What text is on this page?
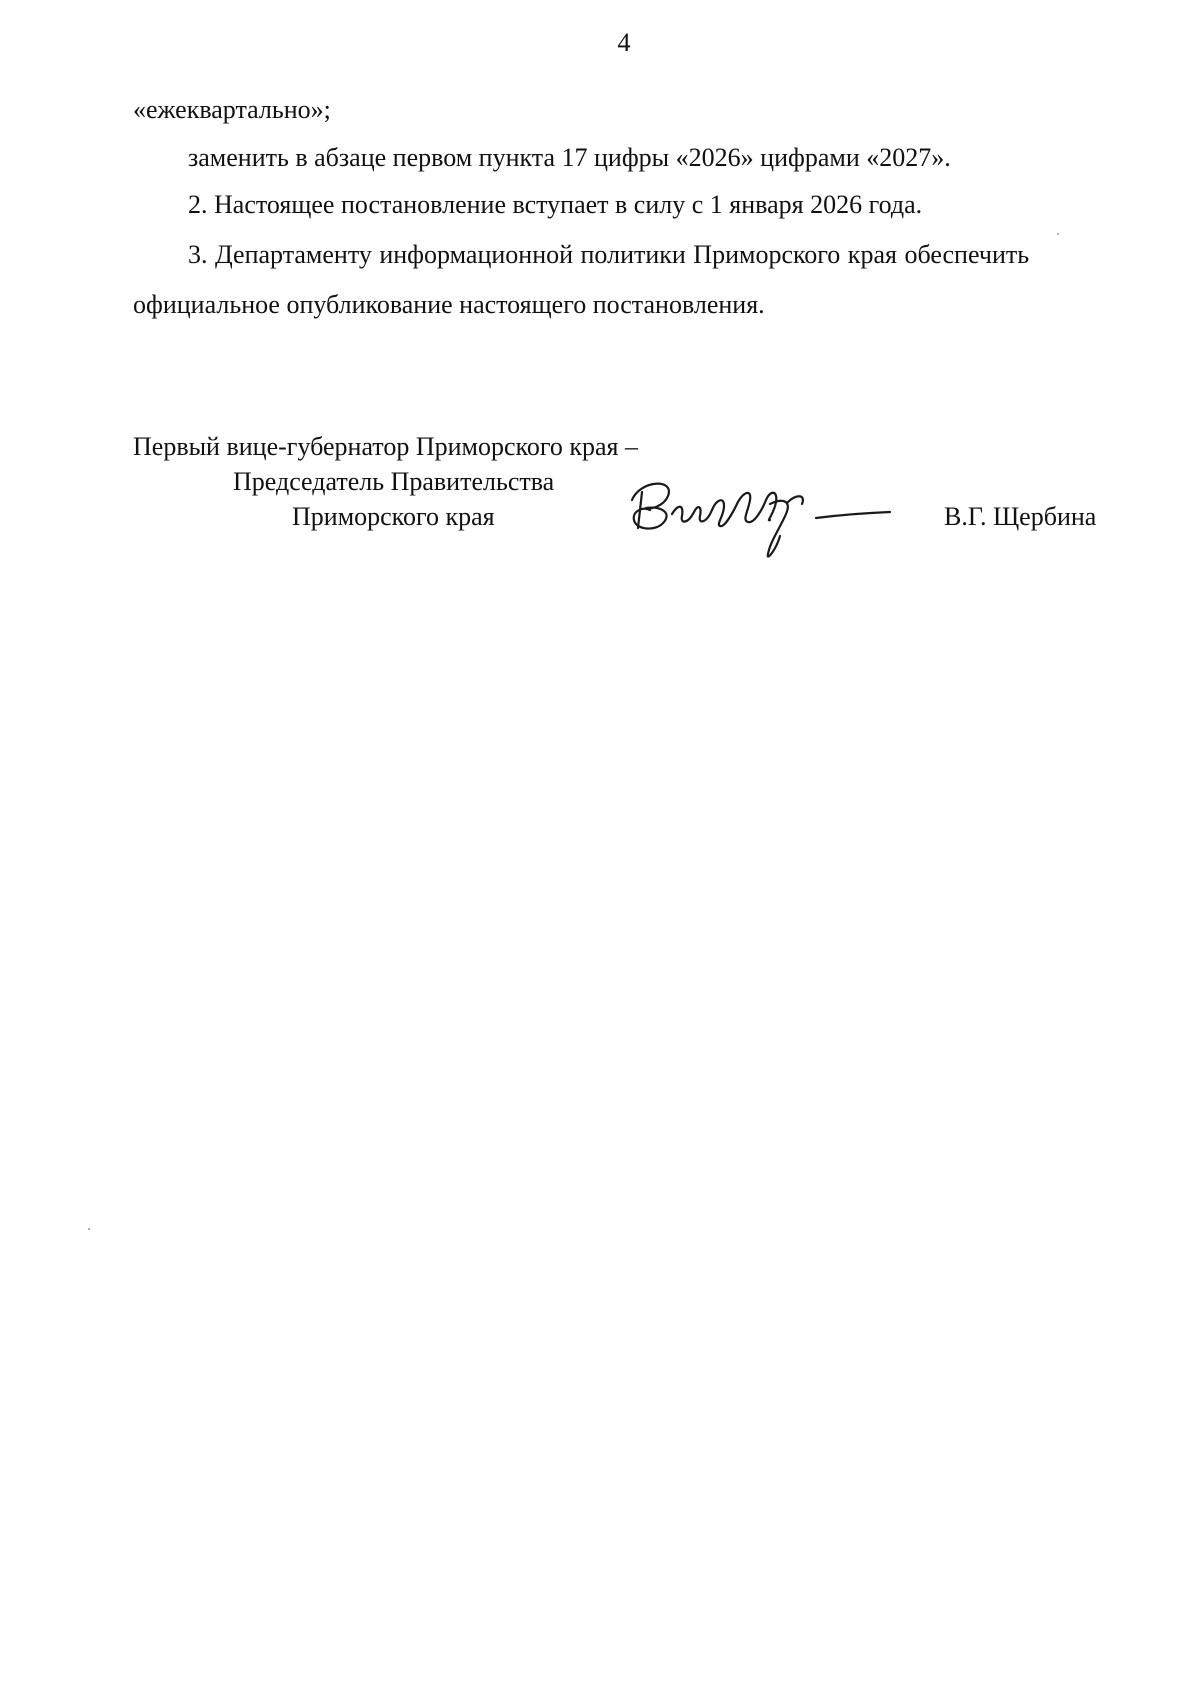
4
«ежеквартально»;
заменить в абзаце первом пункта 17 цифры «2026» цифрами «2027».
2. Настоящее постановление вступает в силу с 1 января 2026 года.
3. Департаменту информационной политики Приморского края обеспечить
официальное опубликование настоящего постановления.
Первый вице-губернатор Приморского края –
Председатель Правительства
Приморского края	В.Г. Щербина
